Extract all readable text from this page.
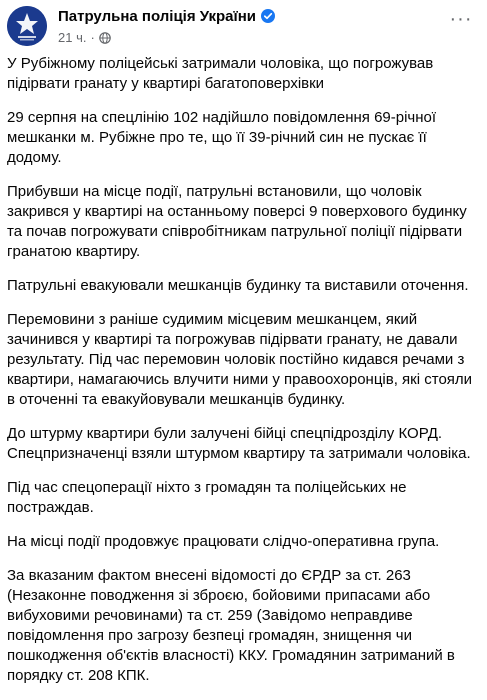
Патрульна поліція України
21 ч. ·
···

У Рубіжному поліцейські затримали чоловіка, що погрожував підірвати гранату у квартирі багатоповерхівки

29 серпня на спецлінію 102 надійшло повідомлення 69-річної мешканки м. Рубіжне про те, що її 39-річний син не пускає її додому.

Прибувши на місце події, патрульні встановили, що чоловік закрився у квартирі на останньому поверсі 9 поверхового будинку та почав погрожувати співробітникам патрульної поліції підірвати гранатою квартиру.

Патрульні евакуювали мешканців будинку та виставили оточення.

Перемовини з раніше судимим місцевим мешканцем, який зачинився у квартирі та погрожував підірвати гранату, не давали результату. Під час перемовин чоловік постійно кидався речами з квартири, намагаючись влучити ними у правоохоронців, які стояли в оточенні та евакуйовували мешканців будинку.

До штурму квартири були залучені бійці спецпідрозділу КОРД. Спецпризначенці взяли штурмом квартиру та затримали чоловіка.

Під час спецоперації ніхто з громадян та поліцейських не постраждав.

На місці події продовжує працювати слідчо-оперативна група.

За вказаним фактом внесені відомості до ЄРДР за ст. 263 (Незаконне поводження зі зброєю, бойовими припасами або вибуховими речовинами) та ст. 259 (Завідомо неправдиве повідомлення про загрозу безпеці громадян, знищення чи пошкодження об'єктів власності) ККУ. Громадянин затриманий в порядку ст. 208 КПК.
